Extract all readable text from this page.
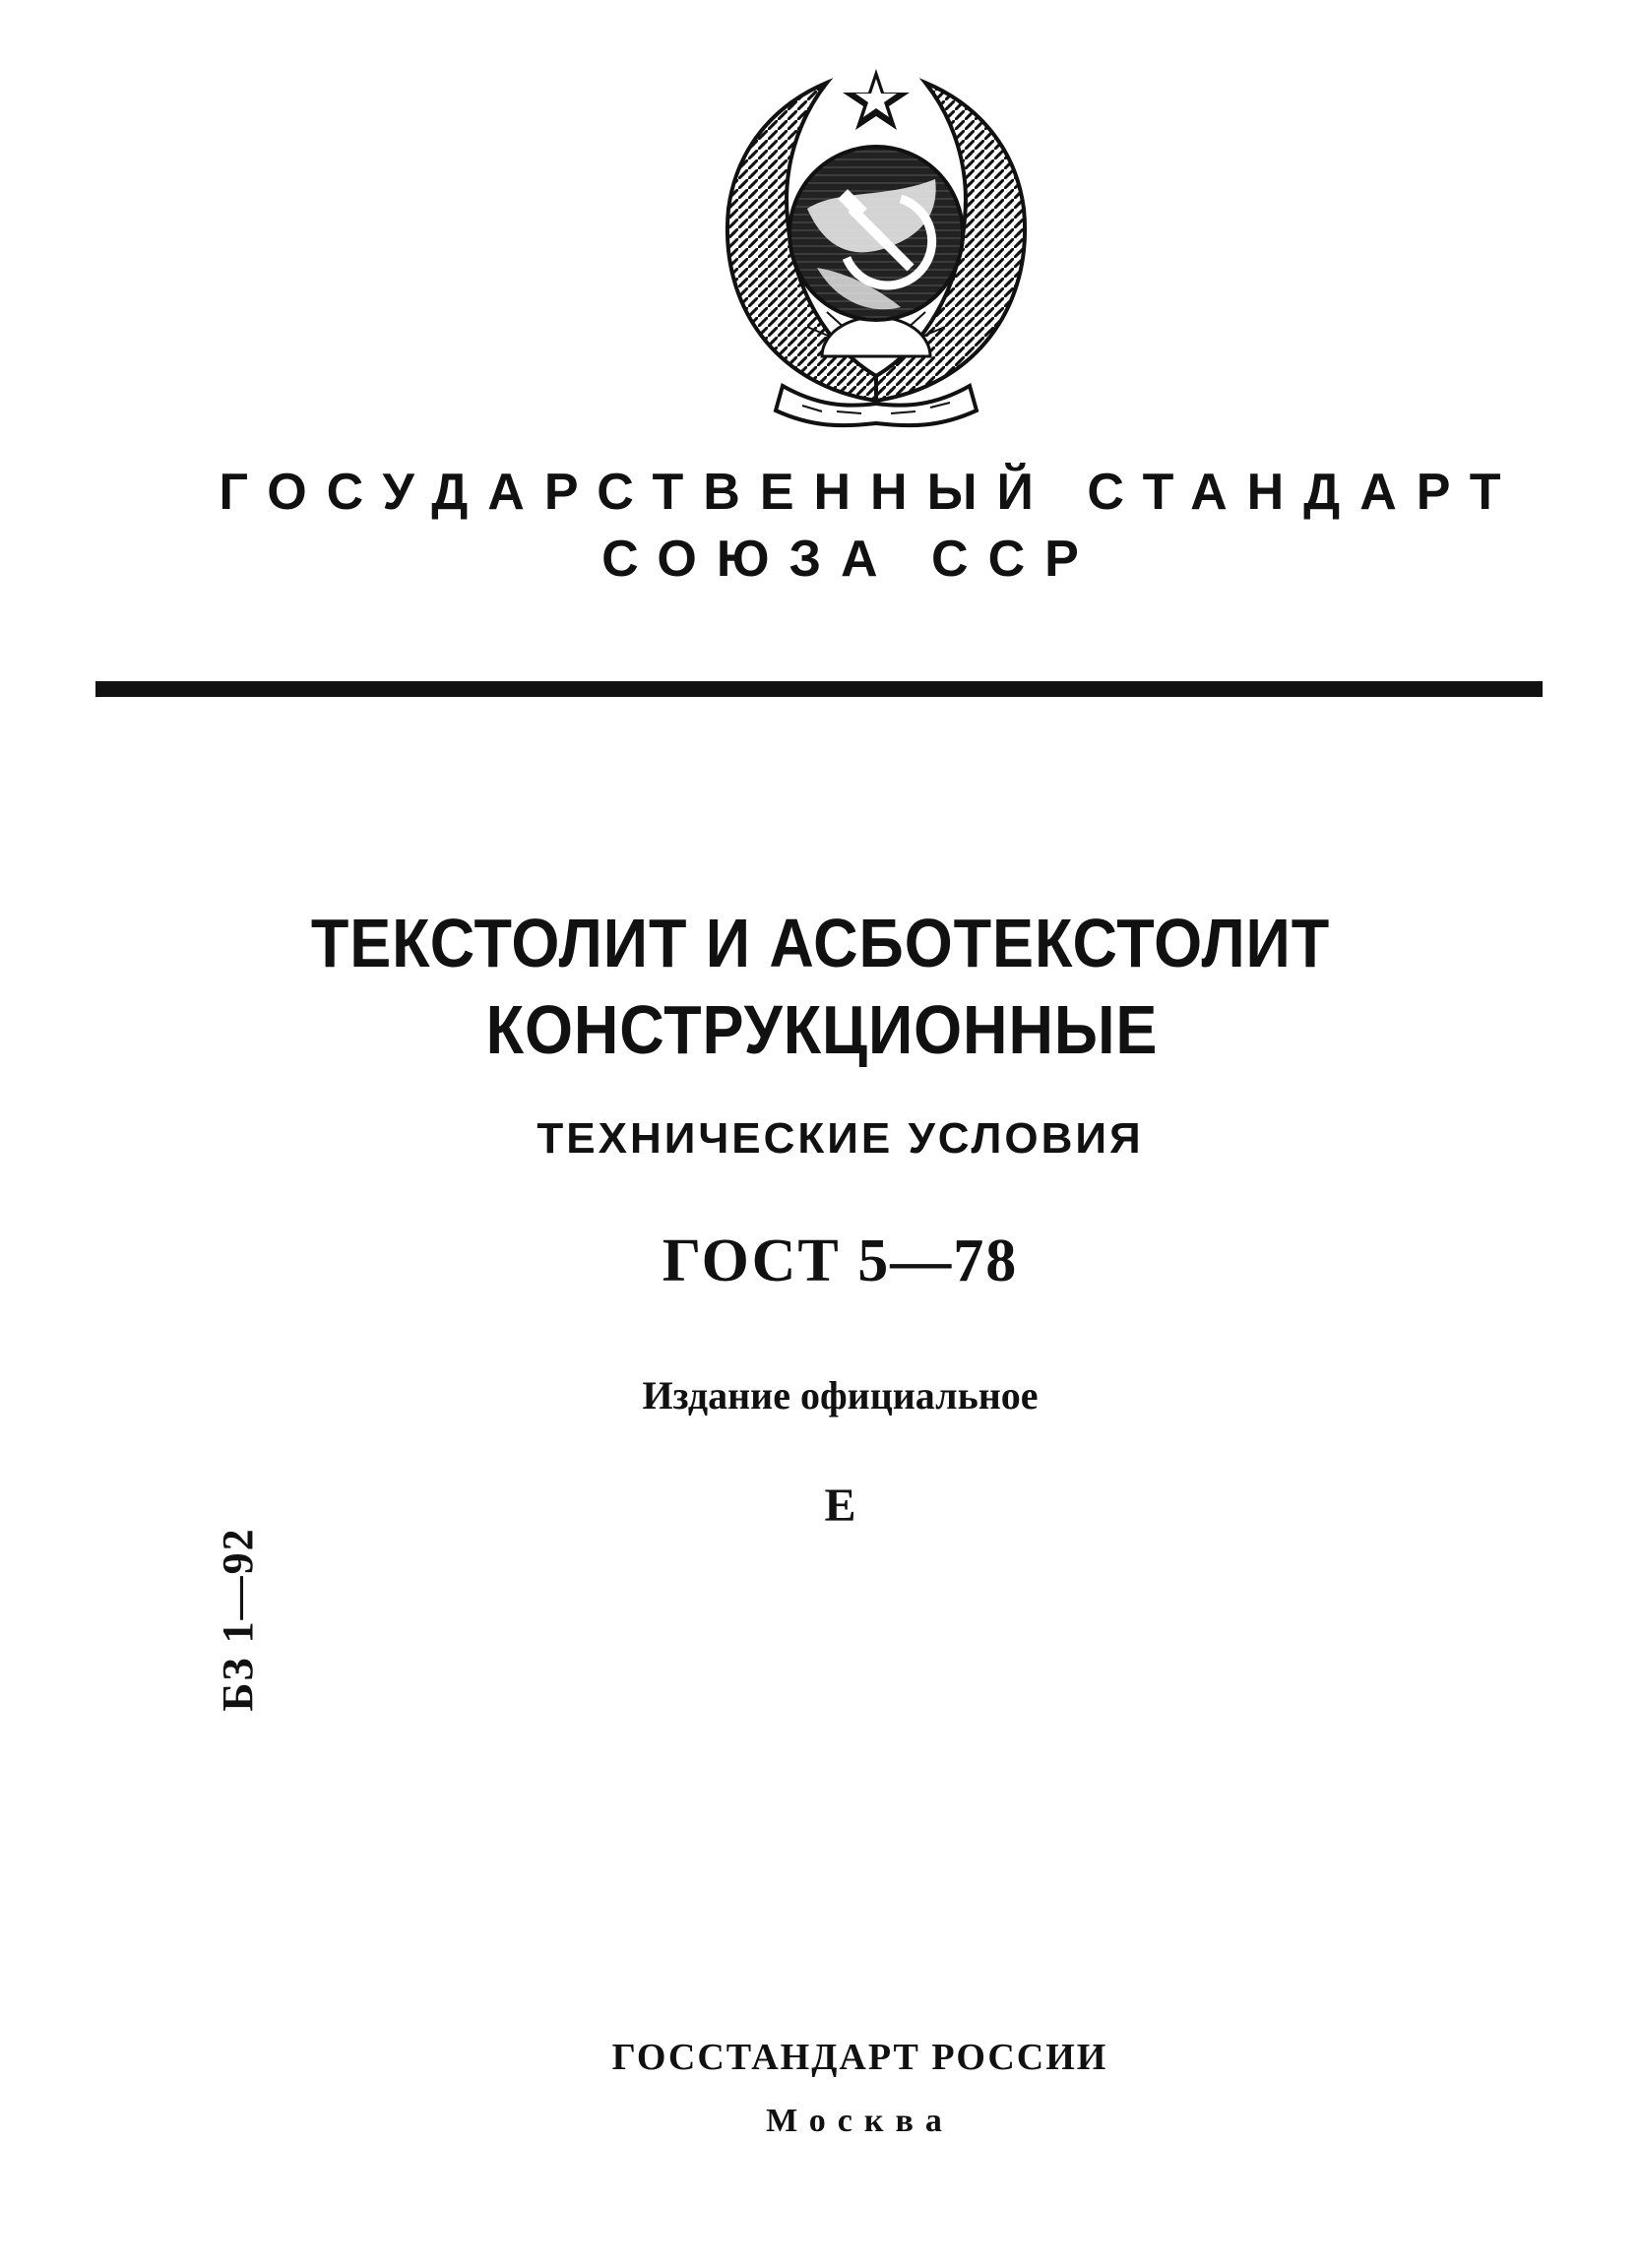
ГОСУДАРСТВЕННЫЙ СТАНДАРТ
СОЮЗА ССР
ТЕКСТОЛИТ И АСБОТЕКСТОЛИТ
КОНСТРУКЦИОННЫЕ
ТЕХНИЧЕСКИЕ УСЛОВИЯ
ГОСТ 5—78
Издание официальное
Е
БЗ 1—92
ГОССТАНДАРТ РОССИИ
Москва
